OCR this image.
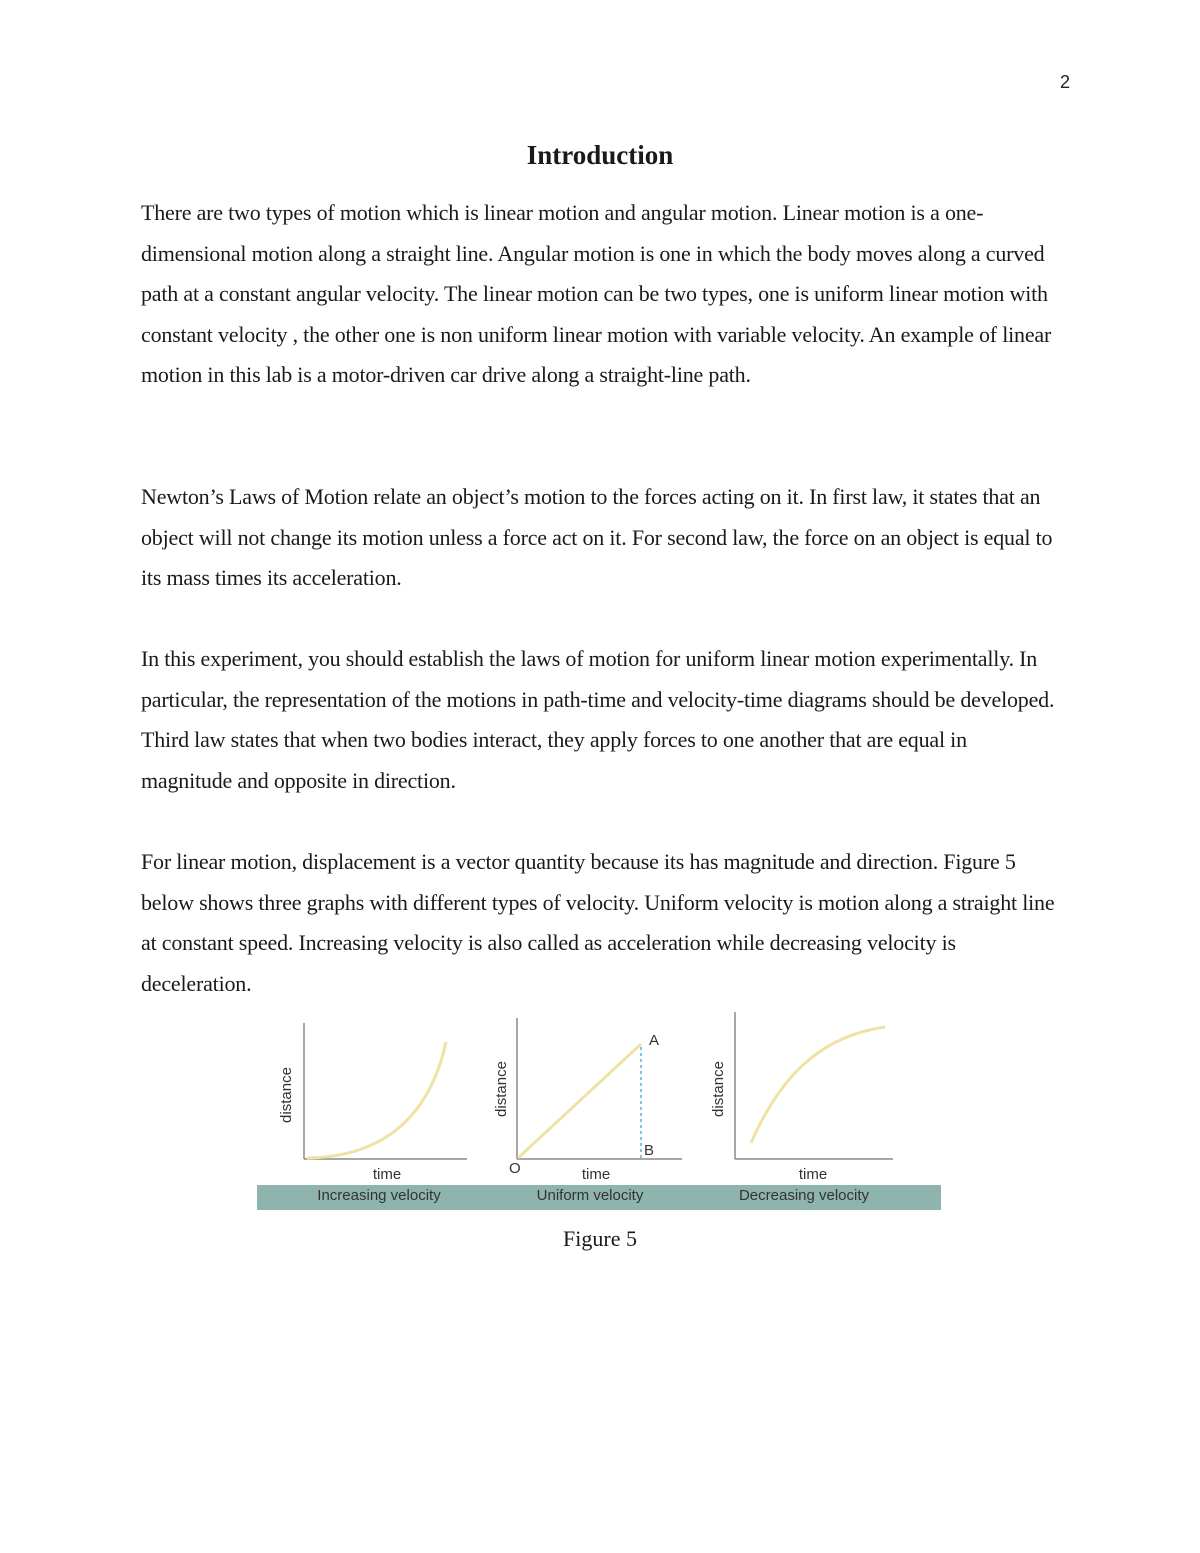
2
Introduction

There are two types of motion which is linear motion and angular motion. Linear motion is a one- dimensional motion along a straight line. Angular motion is one in which the body moves along a curved path at a constant angular velocity. The linear motion can be two types, one is uniform linear motion with constant velocity , the other one is non uniform linear motion with variable velocity. An example of linear motion in this lab is a motor-driven car drive along a straight-line path.

Newton’s Laws of Motion relate an object’s motion to the forces acting on it. In first law, it states that an object will not change its motion unless a force act on it. For second law, the force on an object is equal to its mass times its acceleration.

In this experiment, you should establish the laws of motion for uniform linear motion experimentally. In particular, the representation of the motions in path-time and velocity-time diagrams should be developed. Third law states that when two bodies interact, they apply forces to one another that are equal in magnitude and opposite in direction.

For linear motion, displacement is a vector quantity because its has magnitude and direction. Figure 5 below shows three graphs with different types of velocity. Uniform velocity is motion along a straight line at constant speed. Increasing velocity is also called as acceleration while decreasing velocity is deceleration.

distance
time
Increasing velocity
distance
O
A
B
time
Uniform velocity
distance
time
Decreasing velocity

Figure 5
